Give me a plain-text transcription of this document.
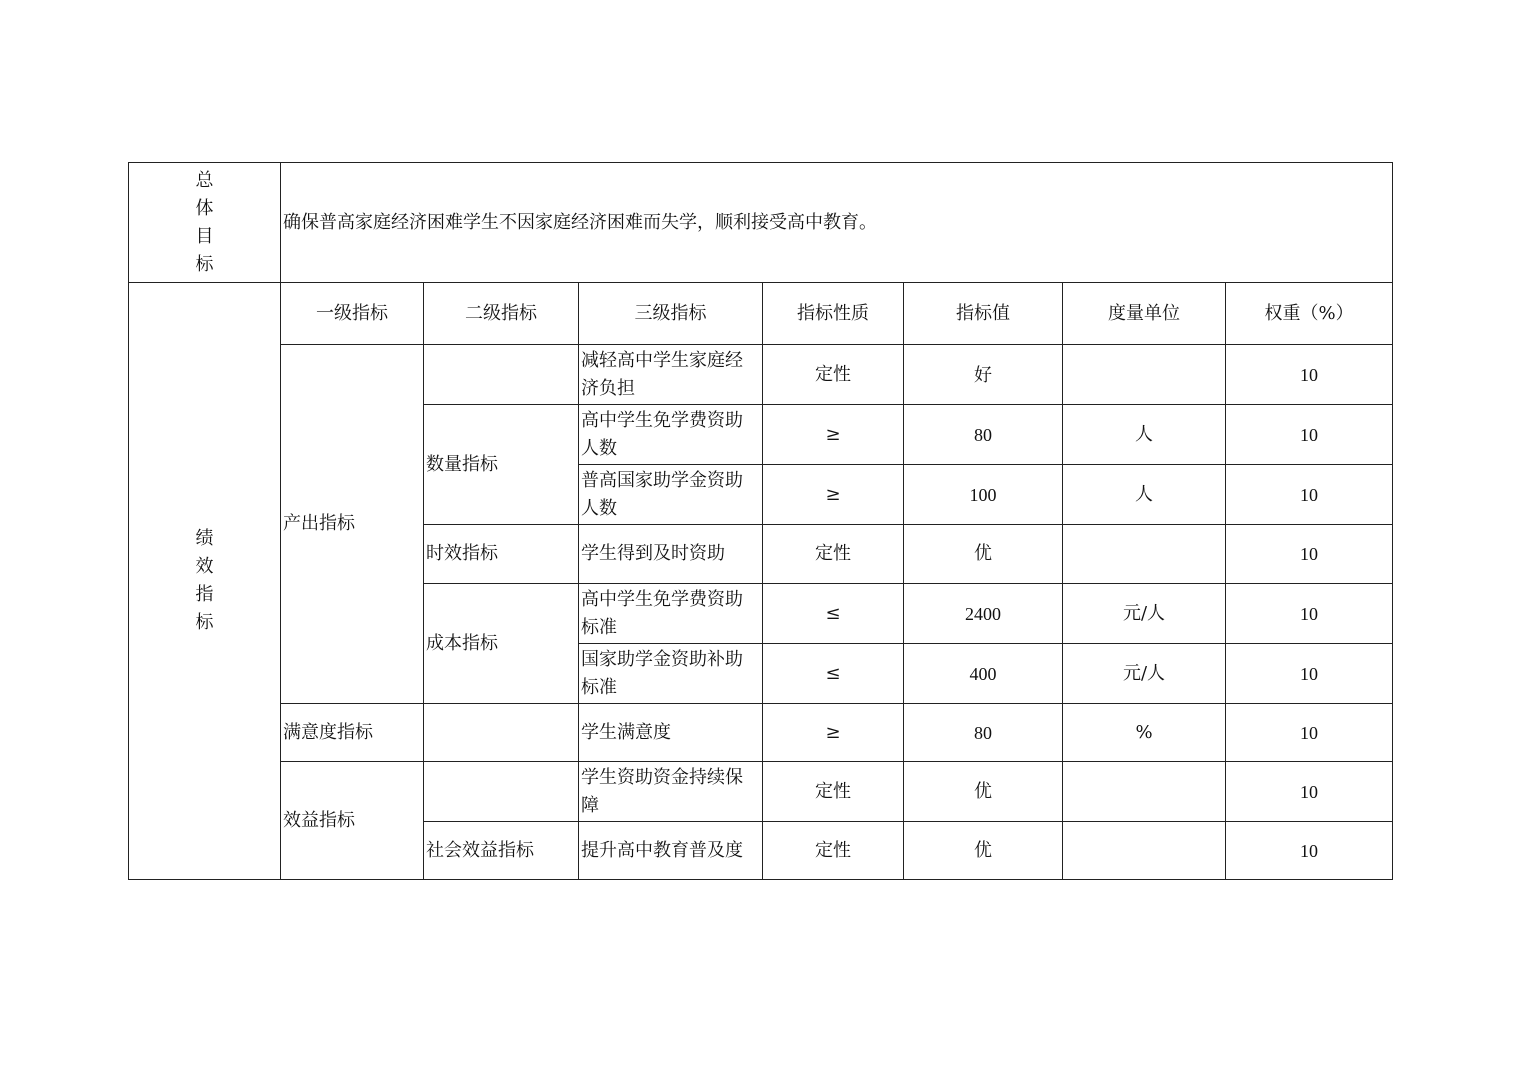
总
体
目
标	确保普高家庭经济困难学生不因家庭经济困难而失学，顺利接受高中教育。						

绩
效
指
标	一级指标	二级指标	三级指标	指标性质	指标值	度量单位	权重（%）
	产出指标		减轻高中学生家庭经济负担	定性	好		10
		数量指标	高中学生免学费资助人数	≥	80	人	10
			普高国家助学金资助人数	≥	100	人	10
		时效指标	学生得到及时资助	定性	优		10
		成本指标	高中学生免学费资助标准	≤	2400	元/人	10
			国家助学金资助补助标准	≤	400	元/人	10
	满意度指标		学生满意度	≥	80	%	10
	效益指标		学生资助资金持续保障	定性	优		10
		社会效益指标	提升高中教育普及度	定性	优		10
